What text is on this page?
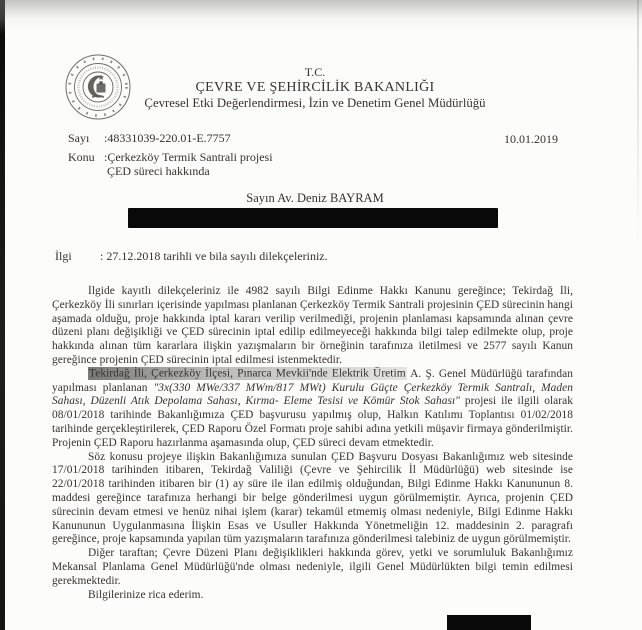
T.C.
ÇEVRE VE ŞEHİRCİLİK BAKANLIĞI
Çevresel Etki Değerlendirmesi, İzin ve Denetim Genel Müdürlüğü
Sayı	:48331039-220.01-E.7757
Konu :Çerkezköy Termik Santrali projesi
ÇED süreci hakkında
10.01.2019
Sayın Av. Deniz BAYRAM
İlgi	: 27.12.2018 tarihli ve bila sayılı dilekçeleriniz.

İlgide kayıtlı dilekçeleriniz ile 4982 sayılı Bilgi Edinme Hakkı Kanunu gereğince; Tekirdağ İli, Çerkezköy İli sınırları içerisinde yapılması planlanan Çerkezköy Termik Santrali projesinin ÇED sürecinin hangi aşamada olduğu, proje hakkında iptal kararı verilip verilmediği, projenin planlaması kapsamında alınan çevre düzeni planı değişikliği ve ÇED sürecinin iptal edilip edilmeyeceği hakkında bilgi talep edilmekte olup, proje hakkında alınan tüm kararlara ilişkin yazışmaların bir örneğinin tarafınıza iletilmesi ve 2577 sayılı Kanun gereğince projenin ÇED sürecinin iptal edilmesi istenmektedir.

Tekirdağ İli, Çerkezköy İlçesi, Pınarca Mevkii'nde Elektrik Üretim A. Ş. Genel Müdürlüğü tarafından yapılması planlanan "3x(330 MWe/337 MWm/817 MWt) Kurulu Güçte Çerkezköy Termik Santralı, Maden Sahası, Düzenli Atık Depolama Sahası, Kırma- Eleme Tesisi ve Kömür Stok Sahası" projesi ile ilgili olarak 08/01/2018 tarihinde Bakanlığımıza ÇED başvurusu yapılmış olup, Halkın Katılımı Toplantısı 01/02/2018 tarihinde gerçekleştirilerek, ÇED Raporu Özel Formatı proje sahibi adına yetkili müşavir firmaya gönderilmiştir. Projenin ÇED Raporu hazırlanma aşamasında olup, ÇED süreci devam etmektedir.

Söz konusu projeye ilişkin Bakanlığımıza sunulan ÇED Başvuru Dosyası Bakanlığımız web sitesinde 17/01/2018 tarihinden itibaren, Tekirdağ Valiliği (Çevre ve Şehircilik İl Müdürlüğü) web sitesinde ise 22/01/2018 tarihinden itibaren bir (1) ay süre ile ilan edilmiş olduğundan, Bilgi Edinme Hakkı Kanununun 8. maddesi gereğince tarafınıza herhangi bir belge gönderilmesi uygun görülmemiştir. Ayrıca, projenin ÇED sürecinin devam etmesi ve henüz nihai işlem (karar) tekamül etmemiş olması nedeniyle, Bilgi Edinme Hakkı Kanununun Uygulanmasına İlişkin Esas ve Usuller Hakkında Yönetmeliğin 12. maddesinin 2. paragrafı gereğince, proje kapsamında yapılan tüm yazışmaların tarafınıza gönderilmesi talebiniz de uygun görülmemiştir.

Diğer taraftan; Çevre Düzeni Planı değişiklikleri hakkında görev, yetki ve sorumluluk Bakanlığımız Mekansal Planlama Genel Müdürlüğü'nde olması nedeniyle, ilgili Genel Müdürlükten bilgi temin edilmesi gerekmektedir.

Bilgilerinize rica ederim.
